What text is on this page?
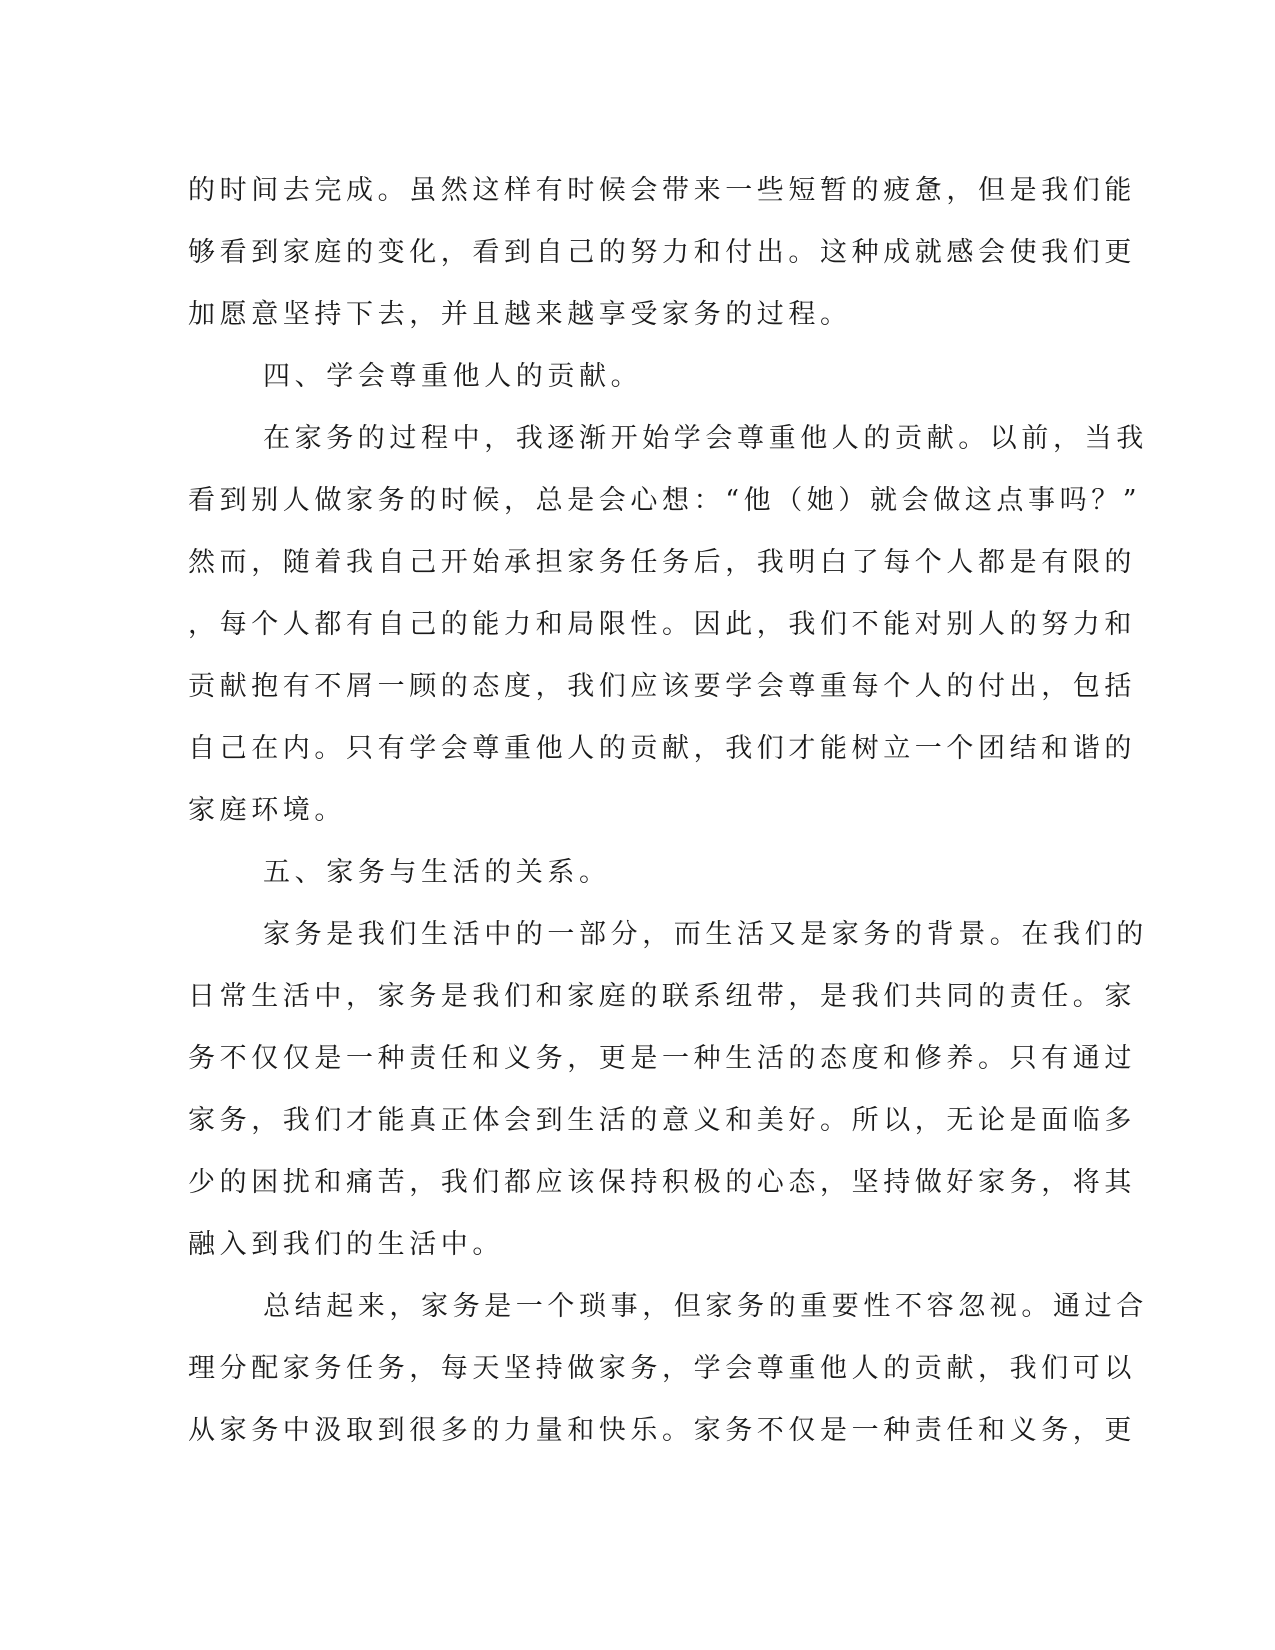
的时间去完成。虽然这样有时候会带来一些短暂的疲惫，但是我们能
够看到家庭的变化，看到自己的努力和付出。这种成就感会使我们更
加愿意坚持下去，并且越来越享受家务的过程。
四、学会尊重他人的贡献。
在家务的过程中，我逐渐开始学会尊重他人的贡献。以前，当我
看到别人做家务的时候，总是会心想：“他（她）就会做这点事吗？”
然而，随着我自己开始承担家务任务后，我明白了每个人都是有限的
，每个人都有自己的能力和局限性。因此，我们不能对别人的努力和
贡献抱有不屑一顾的态度，我们应该要学会尊重每个人的付出，包括
自己在内。只有学会尊重他人的贡献，我们才能树立一个团结和谐的
家庭环境。
五、家务与生活的关系。
家务是我们生活中的一部分，而生活又是家务的背景。在我们的
日常生活中，家务是我们和家庭的联系纽带，是我们共同的责任。家
务不仅仅是一种责任和义务，更是一种生活的态度和修养。只有通过
家务，我们才能真正体会到生活的意义和美好。所以，无论是面临多
少的困扰和痛苦，我们都应该保持积极的心态，坚持做好家务，将其
融入到我们的生活中。
总结起来，家务是一个琐事，但家务的重要性不容忽视。通过合
理分配家务任务，每天坚持做家务，学会尊重他人的贡献，我们可以
从家务中汲取到很多的力量和快乐。家务不仅是一种责任和义务，更
